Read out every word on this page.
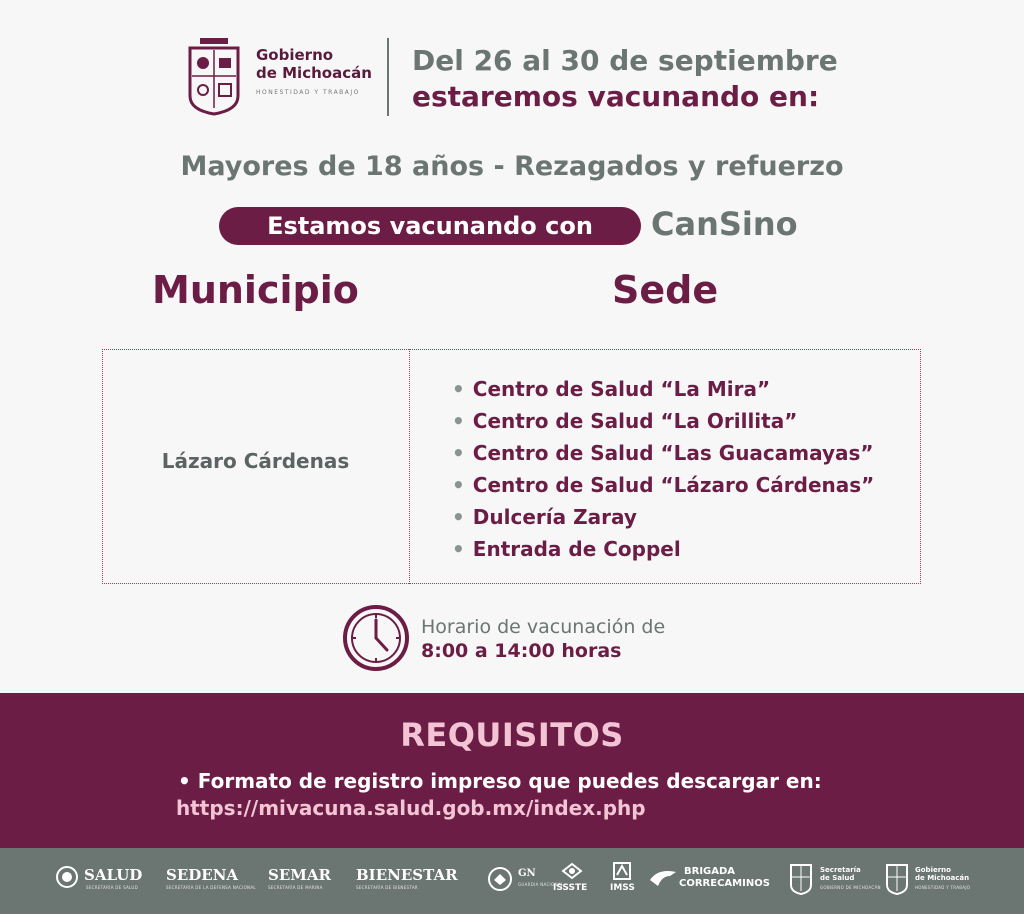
Gobierno
de Michoacán
HONESTIDAD Y TRABAJO
Del 26 al 30 de septiembre
estaremos vacunando en:
Mayores de 18 años - Rezagados y refuerzo
Estamos vacunando con	CanSino
Municipio	Sede
Lázaro Cárdenas
• Centro de Salud “La Mira”
• Centro de Salud “La Orillita”
• Centro de Salud “Las Guacamayas”
• Centro de Salud “Lázaro Cárdenas”
• Dulcería Zaray
• Entrada de Coppel
Horario de vacunación de
8:00 a 14:00 horas
REQUISITOS
• Formato de registro impreso que puedes descargar en:
https://mivacuna.salud.gob.mx/index.php
SALUD
SECRETARÍA DE SALUD
SEDENA
SECRETARÍA DE LA DEFENSA NACIONAL
SEMAR
SECRETARÍA DE MARINA
BIENESTAR
SECRETARÍA DE BIENESTAR
GN
GUARDIA NACIONAL
ISSSTE	IMSS
BRIGADA
CORRECAMINOS
Secretaría
de Salud
GOBIERNO DE MICHOACÁN
Gobierno
de Michoacán
HONESTIDAD Y TRABAJO
